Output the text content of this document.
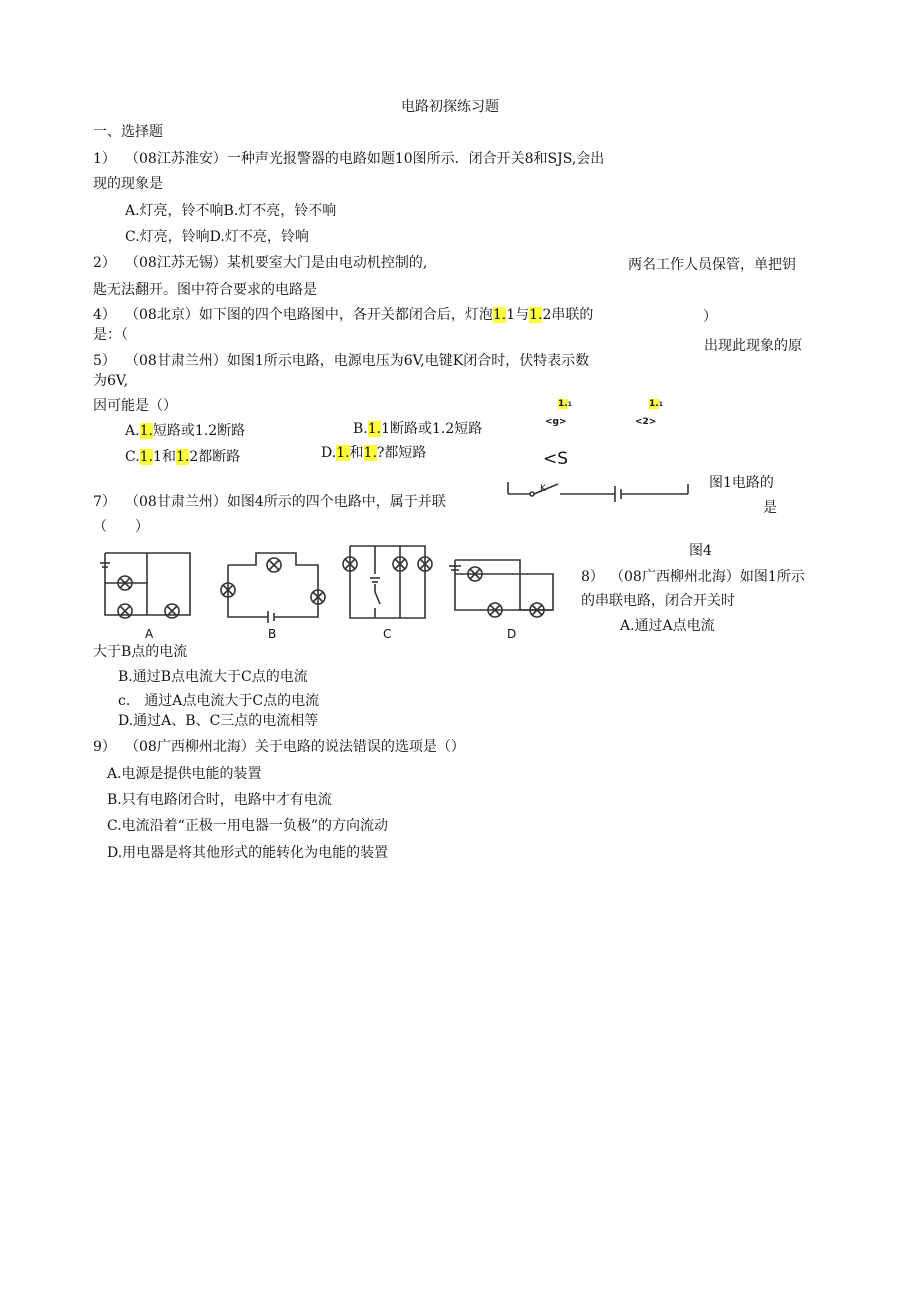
电路初探练习题
一、选择题
1） （08江苏淮安）一种声光报警器的电路如题10图所示．闭合开关8和SJS,会出
现的现象是
A.灯亮，铃不响B.灯不亮，铃不响
C.灯亮，铃响D.灯不亮，铃响
2） （08江苏无锡）某机要室大门是由电动机控制的,	两名工作人员保管，单把钥
匙无法翻开。图中符合要求的电路是
4） （08北京）如下图的四个电路图中，各开关都闭合后，灯泡1.1与1.2串联的	）
是：（
5） （08甘肃兰州）如图1所示电路，电源电压为6V,电键K闭合时，伏特表示数
出现此现象的原
为6V,
因可能是（）
A.1.短路或1.2断路	B.1.1断路或1.2短路
C.1.1和1.2都断路	D.1.和1.?都短路
1.1
<g>
1.1
<2>
<S
K	图1电路的
是
7） （08甘肃兰州）如图4所示的四个电路中，属于并联
（　　）
A	B	C	D
图4
8） （08广西柳州北海）如图1所示
的串联电路，闭合开关时
A.通过A点电流
大于B点的电流
B.通过B点电流大于C点的电流
c.　通过A点电流大于C点的电流
D.通过A、B、C三点的电流相等
9） （08广西柳州北海）关于电路的说法错误的选项是（）
A.电源是提供电能的装置
B.只有电路闭合时，电路中才有电流
C.电流沿着“正极一用电器一负极”的方向流动
D.用电器是将其他形式的能转化为电能的装置
